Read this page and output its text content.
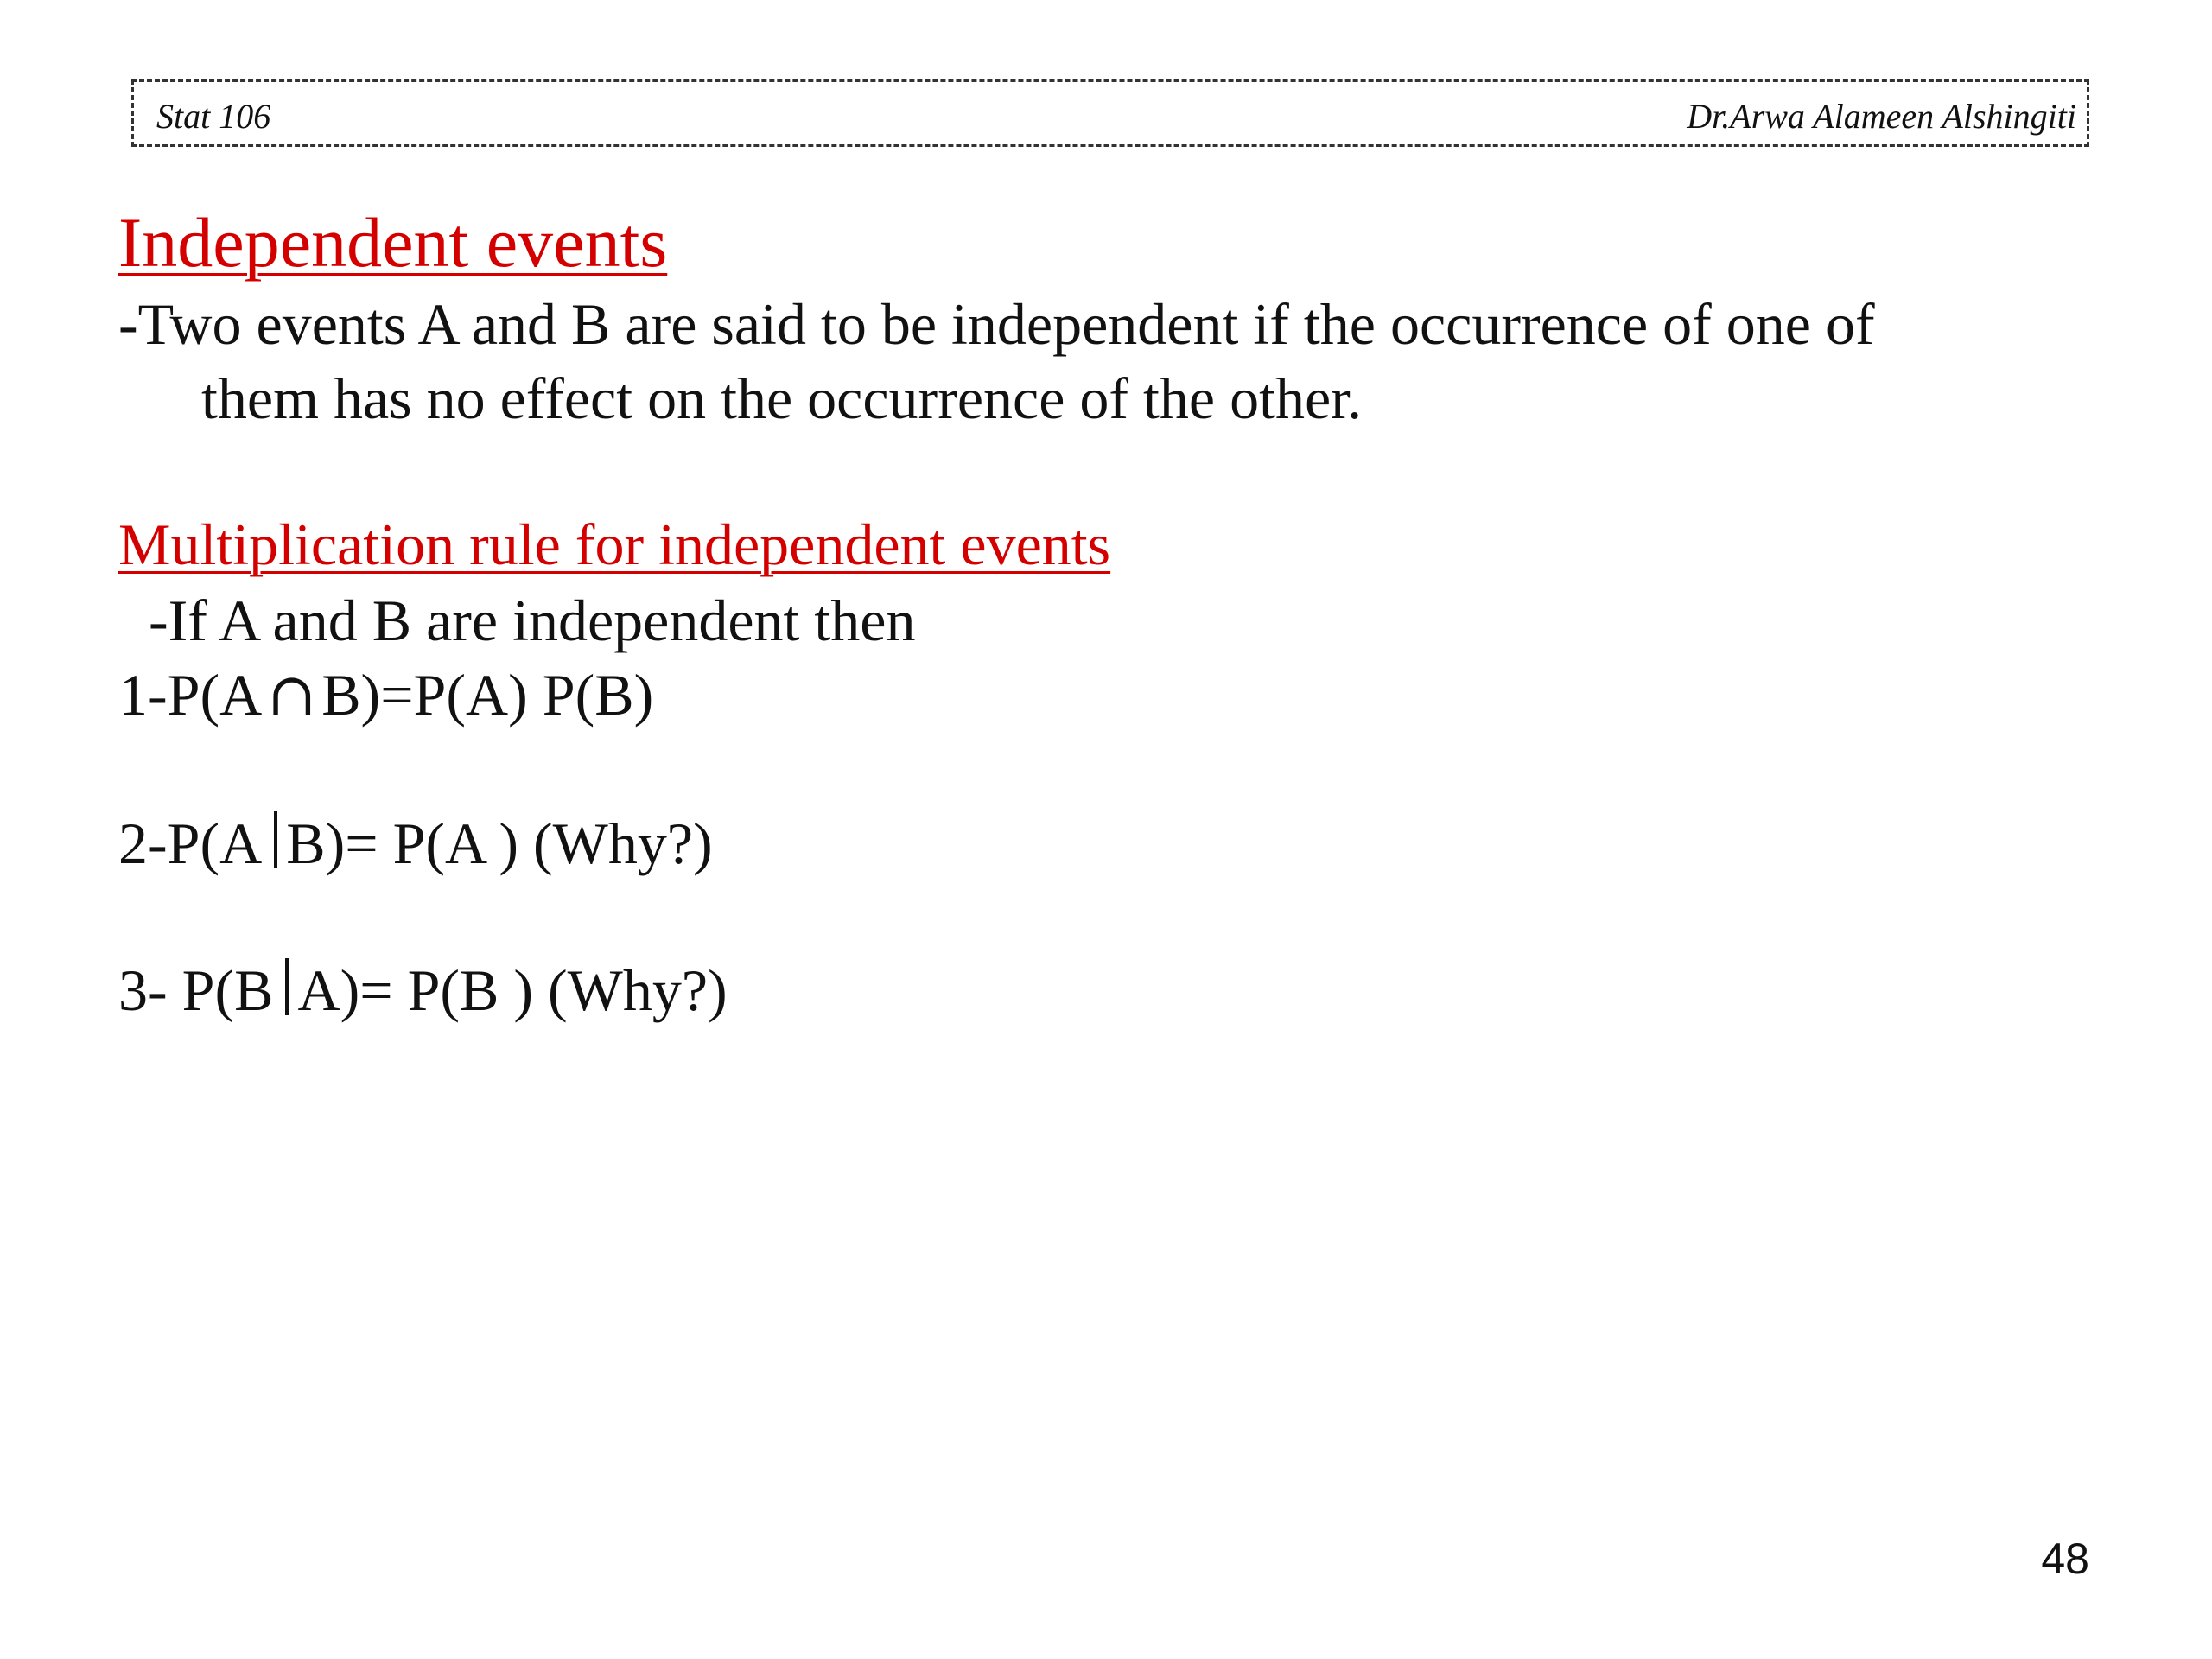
Stat 106	Dr.Arwa Alameen Alshingiti
Independent events
-Two events A and B are said to be independent if the occurrence of one of
them has no effect on the occurrence of the other.
Multiplication rule for independent events
-If A and B are independent then
1-P(A∩B)=P(A) P(B)
2-P(A B)= P(A ) (Why?)
3- P(B A)= P(B ) (Why?)
48
